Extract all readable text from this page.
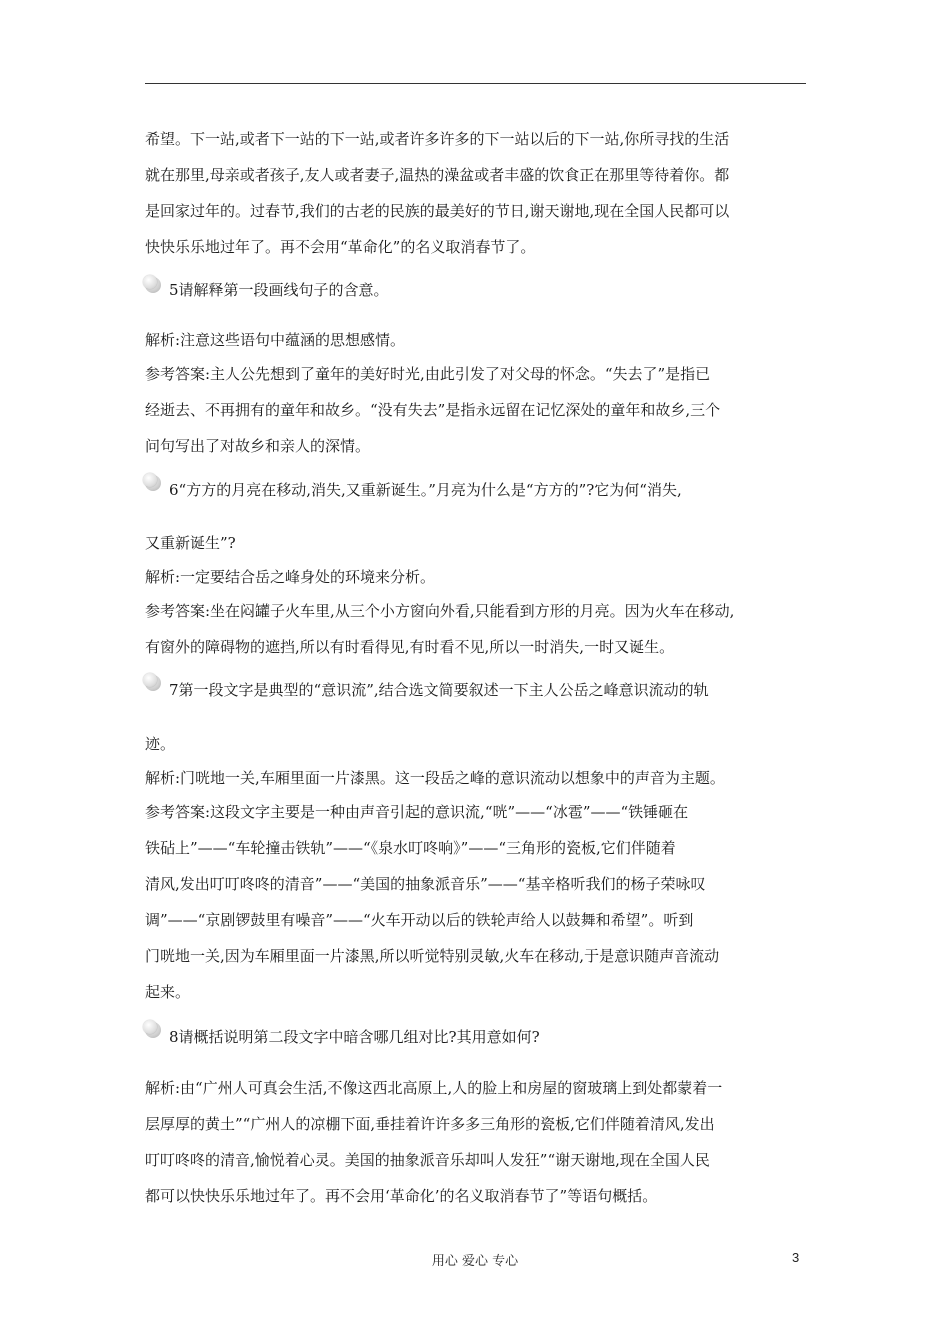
希望。下一站,或者下一站的下一站,或者许多许多的下一站以后的下一站,你所寻找的生活
就在那里,母亲或者孩子,友人或者妻子,温热的澡盆或者丰盛的饮食正在那里等待着你。都
是回家过年的。过春节,我们的古老的民族的最美好的节日,谢天谢地,现在全国人民都可以
快快乐乐地过年了。再不会用“革命化”的名义取消春节了。
5请解释第一段画线句子的含意。
解析:注意这些语句中蕴涵的思想感情。
参考答案:主人公先想到了童年的美好时光,由此引发了对父母的怀念。“失去了”是指已
经逝去、不再拥有的童年和故乡。“没有失去”是指永远留在记忆深处的童年和故乡,三个
问句写出了对故乡和亲人的深情。
6“方方的月亮在移动,消失,又重新诞生。”月亮为什么是“方方的”?它为何“消失,
又重新诞生”?
解析:一定要结合岳之峰身处的环境来分析。
参考答案:坐在闷罐子火车里,从三个小方窗向外看,只能看到方形的月亮。因为火车在移动,
有窗外的障碍物的遮挡,所以有时看得见,有时看不见,所以一时消失,一时又诞生。
7第一段文字是典型的“意识流”,结合选文简要叙述一下主人公岳之峰意识流动的轨
迹。
解析:门咣地一关,车厢里面一片漆黑。这一段岳之峰的意识流动以想象中的声音为主题。
参考答案:这段文字主要是一种由声音引起的意识流,“咣”——“冰雹”——“铁锤砸在
铁砧上”——“车轮撞击铁轨”——“《泉水叮咚响》”——“三角形的瓷板,它们伴随着
清风,发出叮叮咚咚的清音”——“美国的抽象派音乐”——“基辛格听我们的杨子荣咏叹
调”——“京剧锣鼓里有噪音”——“火车开动以后的铁轮声给人以鼓舞和希望”。听到
门咣地一关,因为车厢里面一片漆黑,所以听觉特别灵敏,火车在移动,于是意识随声音流动
起来。
8请概括说明第二段文字中暗含哪几组对比?其用意如何?
解析:由“广州人可真会生活,不像这西北高原上,人的脸上和房屋的窗玻璃上到处都蒙着一
层厚厚的黄土”“广州人的凉棚下面,垂挂着许许多多三角形的瓷板,它们伴随着清风,发出
叮叮咚咚的清音,愉悦着心灵。美国的抽象派音乐却叫人发狂”“谢天谢地,现在全国人民
都可以快快乐乐地过年了。再不会用‘革命化’的名义取消春节了”等语句概括。
用心 爱心 专心	3
